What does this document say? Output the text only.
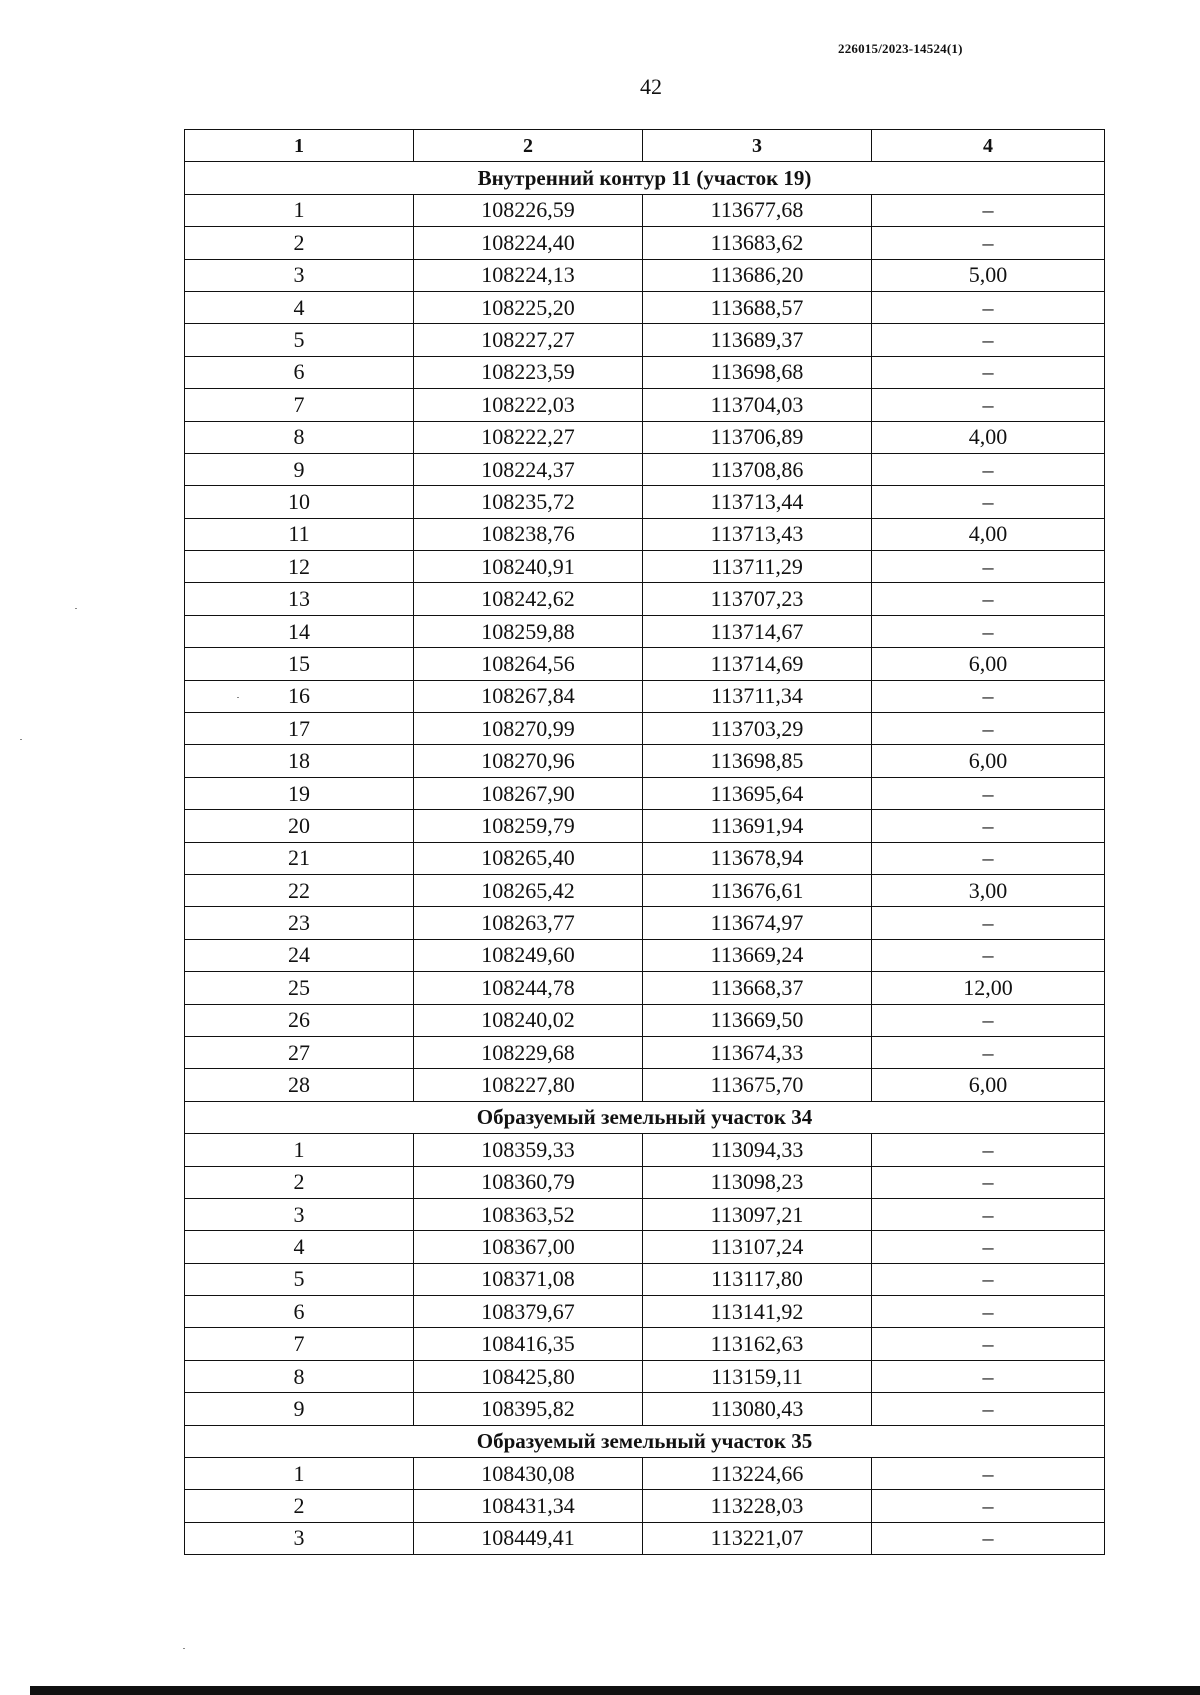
226015/2023-14524(1)
42
1	2	3	4
Внутренний контур 11 (участок 19)			
1	108226,59	113677,68	–
2	108224,40	113683,62	–
3	108224,13	113686,20	5,00
4	108225,20	113688,57	–
5	108227,27	113689,37	–
6	108223,59	113698,68	–
7	108222,03	113704,03	–
8	108222,27	113706,89	4,00
9	108224,37	113708,86	–
10	108235,72	113713,44	–
11	108238,76	113713,43	4,00
12	108240,91	113711,29	–
13	108242,62	113707,23	–
14	108259,88	113714,67	–
15	108264,56	113714,69	6,00
16	108267,84	113711,34	–
17	108270,99	113703,29	–
18	108270,96	113698,85	6,00
19	108267,90	113695,64	–
20	108259,79	113691,94	–
21	108265,40	113678,94	–
22	108265,42	113676,61	3,00
23	108263,77	113674,97	–
24	108249,60	113669,24	–
25	108244,78	113668,37	12,00
26	108240,02	113669,50	–
27	108229,68	113674,33	–
28	108227,80	113675,70	6,00
Образуемый земельный участок 34			
1	108359,33	113094,33	–
2	108360,79	113098,23	–
3	108363,52	113097,21	–
4	108367,00	113107,24	–
5	108371,08	113117,80	–
6	108379,67	113141,92	–
7	108416,35	113162,63	–
8	108425,80	113159,11	–
9	108395,82	113080,43	–
Образуемый земельный участок 35			
1	108430,08	113224,66	–
2	108431,34	113228,03	–
3	108449,41	113221,07	–
